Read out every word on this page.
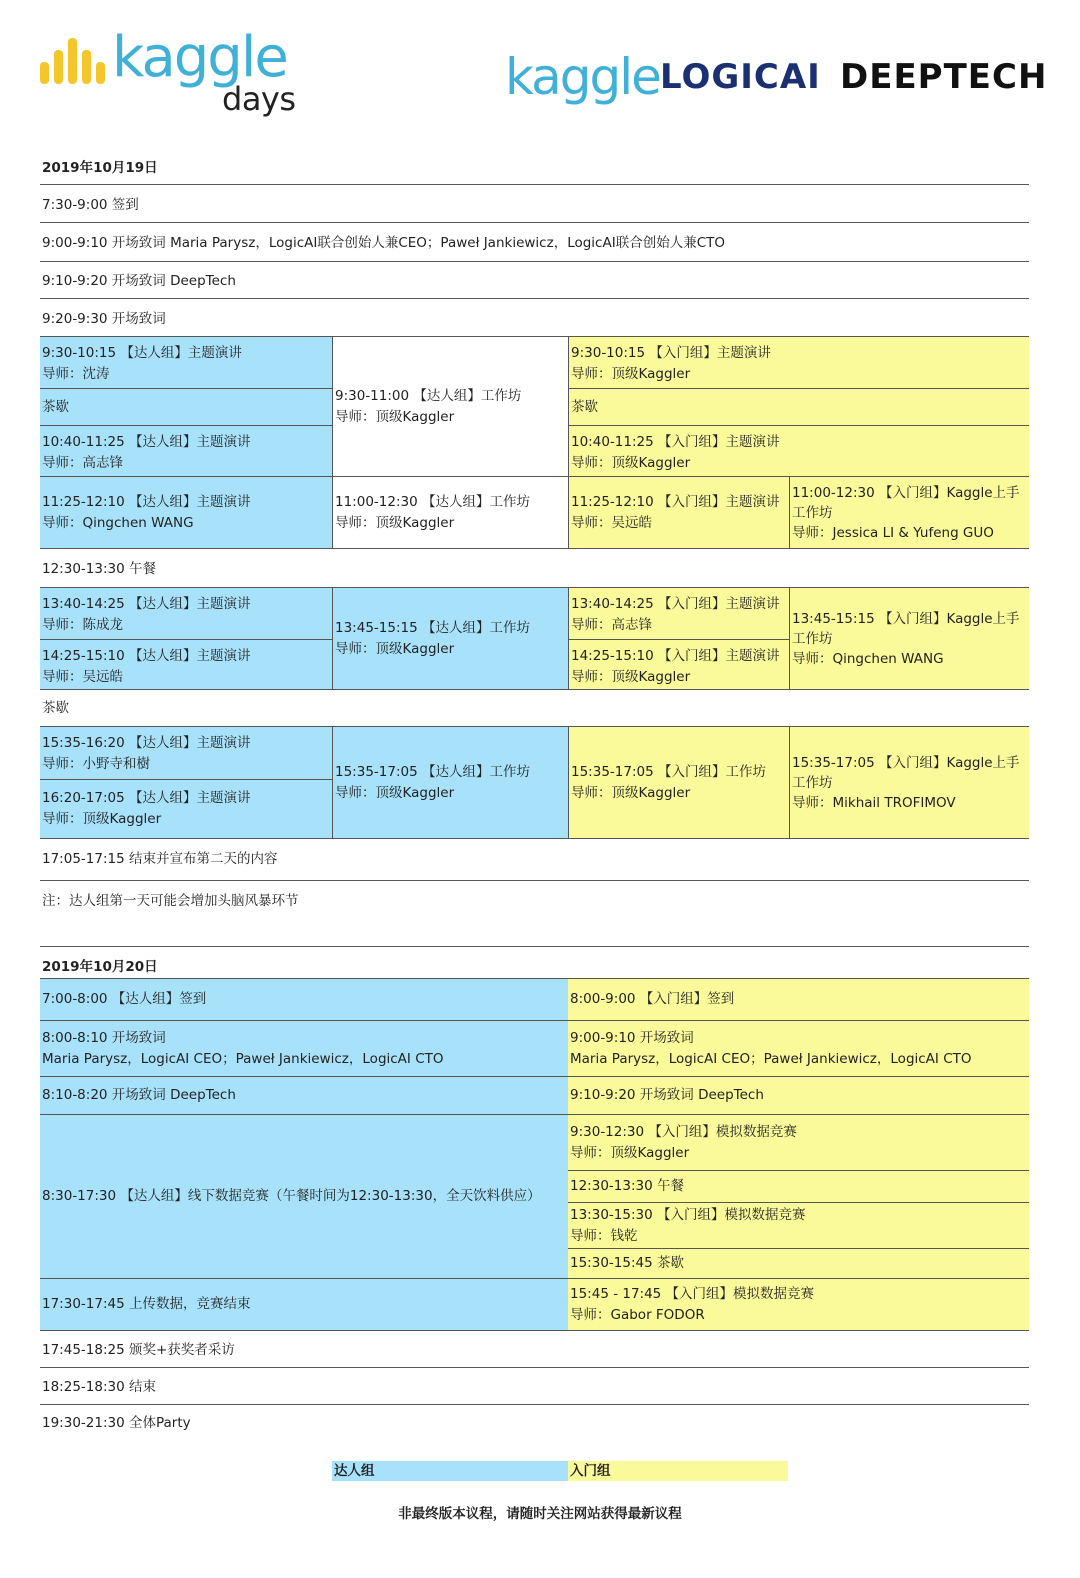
kaggle
days	kaggle LOGICAI DEEPTECH
2019年10月19日
7:30-9:00 签到
9:00-9:10 开场致词 Maria Parysz，LogicAI联合创始人兼CEO；Paweł Jankiewicz，LogicAI联合创始人兼CTO
9:10-9:20 开场致词 DeepTech
9:20-9:30 开场致词
9:30-10:15 【达人组】主题演讲
导师：沈涛
茶歇
10:40-11:25 【达人组】主题演讲
导师：高志锋
11:25-12:10 【达人组】主题演讲
导师：Qingchen WANG
9:30-11:00 【达人组】工作坊
导师：顶级Kaggler
11:00-12:30 【达人组】工作坊
导师：顶级Kaggler
9:30-10:15 【入门组】主题演讲
导师：顶级Kaggler
茶歇
10:40-11:25 【入门组】主题演讲
导师：顶级Kaggler
11:25-12:10 【入门组】主题演讲
导师：吴远皓
11:00-12:30 【入门组】Kaggle上手工作坊
导师：Jessica LI & Yufeng GUO
12:30-13:30 午餐
13:40-14:25 【达人组】主题演讲
导师：陈成龙
14:25-15:10 【达人组】主题演讲
导师：吴远皓
13:45-15:15 【达人组】工作坊
导师：顶级Kaggler
13:40-14:25 【入门组】主题演讲
导师：高志锋
14:25-15:10 【入门组】主题演讲
导师：顶级Kaggler
13:45-15:15 【入门组】Kaggle上手工作坊
导师：Qingchen WANG
茶歇
15:35-16:20 【达人组】主题演讲
导师：小野寺和樹
16:20-17:05 【达人组】主题演讲
导师：顶级Kaggler
15:35-17:05 【达人组】工作坊
导师：顶级Kaggler
15:35-17:05 【入门组】工作坊
导师：顶级Kaggler
15:35-17:05 【入门组】Kaggle上手工作坊
导师：Mikhail TROFIMOV
17:05-17:15 结束并宣布第二天的内容
注：达人组第一天可能会增加头脑风暴环节
2019年10月20日
7:00-8:00 【达人组】签到
8:00-8:10 开场致词
Maria Parysz，LogicAI CEO；Paweł Jankiewicz，LogicAI CTO
8:10-8:20 开场致词 DeepTech
8:30-17:30 【达人组】线下数据竞赛（午餐时间为12:30-13:30，全天饮料供应）
17:30-17:45 上传数据，竞赛结束
8:00-9:00 【入门组】签到
9:00-9:10 开场致词
Maria Parysz，LogicAI CEO；Paweł Jankiewicz，LogicAI CTO
9:10-9:20 开场致词 DeepTech
9:30-12:30 【入门组】模拟数据竞赛
导师：顶级Kaggler
12:30-13:30 午餐
13:30-15:30 【入门组】模拟数据竞赛
导师：钱乾
15:30-15:45 茶歇
15:45 - 17:45 【入门组】模拟数据竞赛
导师：Gabor FODOR
17:45-18:25 颁奖+获奖者采访
18:25-18:30 结束
19:30-21:30 全体Party
达人组	入门组
非最终版本议程，请随时关注网站获得最新议程
